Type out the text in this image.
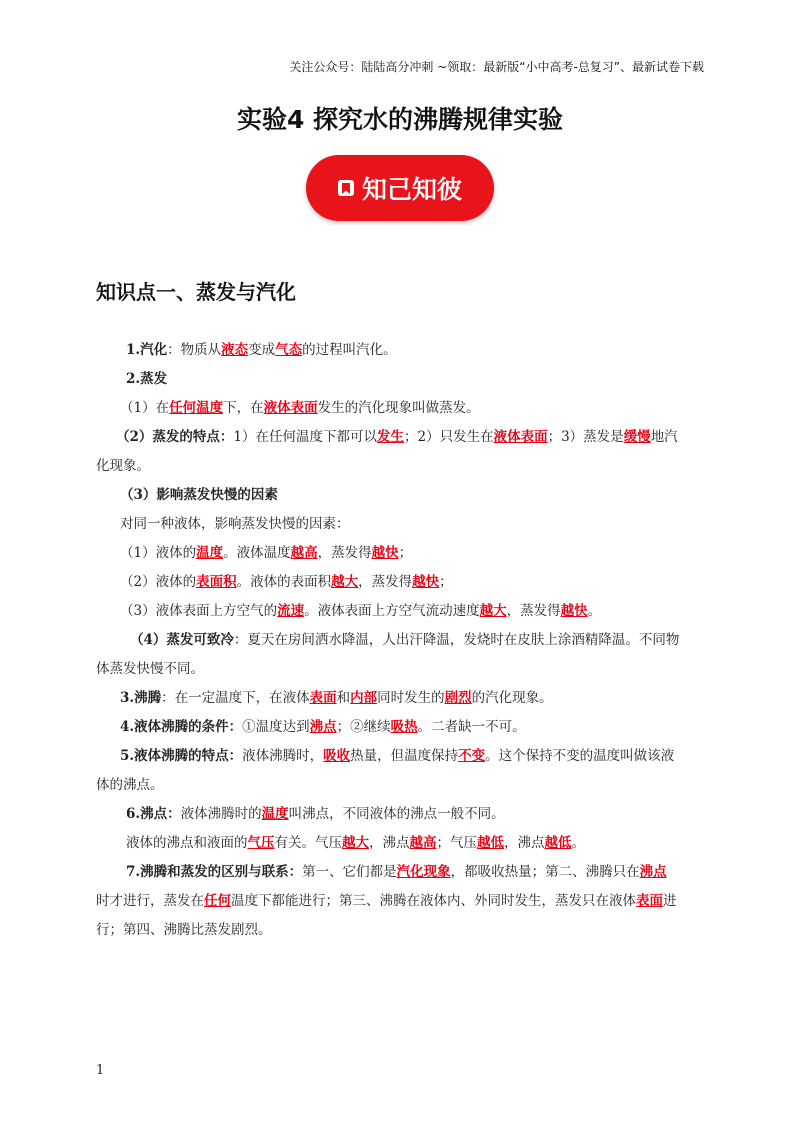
关注公众号：陆陆高分冲刺 ~领取：最新版“小中高考-总复习”、最新试卷下载
实验4 探究水的沸腾规律实验
知己知彼
知识点一、蒸发与汽化

1.汽化：物质从液态变成气态的过程叫汽化。

2.蒸发

（1）在任何温度下，在液体表面发生的汽化现象叫做蒸发。

（2）蒸发的特点：1）在任何温度下都可以发生；2）只发生在液体表面；3）蒸发是缓慢地汽

化现象。

（3）影响蒸发快慢的因素

对同一种液体，影响蒸发快慢的因素：

（1）液体的温度。液体温度越高，蒸发得越快；

（2）液体的表面积。液体的表面积越大，蒸发得越快；

（3）液体表面上方空气的流速。液体表面上方空气流动速度越大，蒸发得越快。

（4）蒸发可致冷：夏天在房间洒水降温，人出汗降温，发烧时在皮肤上涂酒精降温。不同物

体蒸发快慢不同。

3.沸腾：在一定温度下，在液体表面和内部同时发生的剧烈的汽化现象。

4.液体沸腾的条件：①温度达到沸点；②继续吸热。二者缺一不可。

5.液体沸腾的特点：液体沸腾时，吸收热量，但温度保持不变。这个保持不变的温度叫做该液

体的沸点。

6.沸点：液体沸腾时的温度叫沸点，不同液体的沸点一般不同。

液体的沸点和液面的气压有关。气压越大，沸点越高；气压越低，沸点越低。

7.沸腾和蒸发的区别与联系：第一、它们都是汽化现象，都吸收热量；第二、沸腾只在沸点

时才进行，蒸发在任何温度下都能进行；第三、沸腾在液体内、外同时发生，蒸发只在液体表面进

行；第四、沸腾比蒸发剧烈。

1
